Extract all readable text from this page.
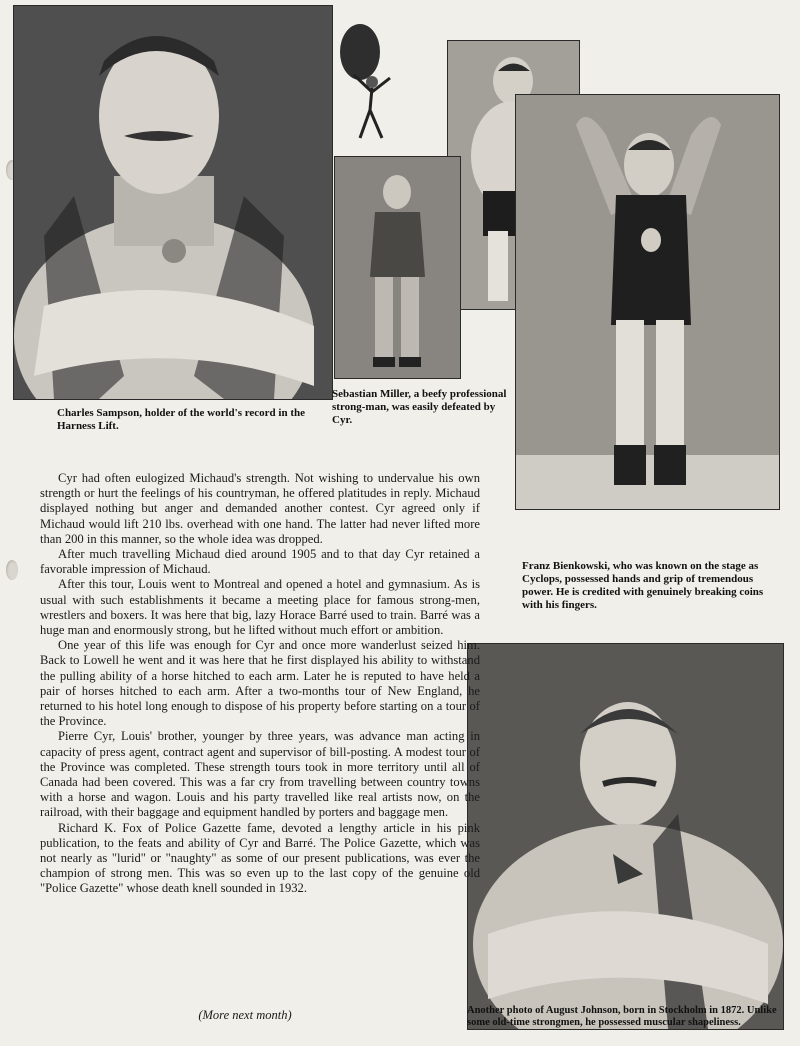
Charles Sampson, holder of the world's record in the Harness Lift.
Sebastian Miller, a beefy professional strong-man, was easily defeated by Cyr.
Franz Bienkowski, who was known on the stage as Cyclops, possessed hands and grip of tremendous power. He is credited with genuinely breaking coins with his fingers.
Another photo of August Johnson, born in Stockholm in 1872. Unlike some old-time strongmen, he possessed muscular shapeliness.

Cyr had often eulogized Michaud's strength. Not wishing to undervalue his own strength or hurt the feelings of his countryman, he offered platitudes in reply. Michaud displayed nothing but anger and demanded another contest. Cyr agreed only if Michaud would lift 210 lbs. overhead with one hand. The latter had never lifted more than 200 in this manner, so the whole idea was dropped.

After much travelling Michaud died around 1905 and to that day Cyr retained a favorable impression of Michaud.

After this tour, Louis went to Montreal and opened a hotel and gymnasium. As is usual with such establishments it became a meeting place for famous strong-men, wrestlers and boxers. It was here that big, lazy Horace Barré used to train. Barré was a huge man and enormously strong, but he lifted without much effort or ambition.

One year of this life was enough for Cyr and once more wanderlust seized him. Back to Lowell he went and it was here that he first displayed his ability to withstand the pulling ability of a horse hitched to each arm. Later he is reputed to have held a pair of horses hitched to each arm. After a two-months tour of New England, he returned to his hotel long enough to dispose of his property before starting on a tour of the Province.

Pierre Cyr, Louis' brother, younger by three years, was advance man acting in capacity of press agent, contract agent and supervisor of bill-posting. A modest tour of the Province was completed. These strength tours took in more territory until all of Canada had been covered. This was a far cry from travelling between country towns with a horse and wagon. Louis and his party travelled like real artists now, on the railroad, with their baggage and equipment handled by porters and baggage men.

Richard K. Fox of Police Gazette fame, devoted a lengthy article in his pink publication, to the feats and ability of Cyr and Barré. The Police Gazette, which was not nearly as "lurid" or "naughty" as some of our present publications, was ever the champion of strong men. This was so even up to the last copy of the genuine old "Police Gazette" whose death knell sounded in 1932.

(More next month)
